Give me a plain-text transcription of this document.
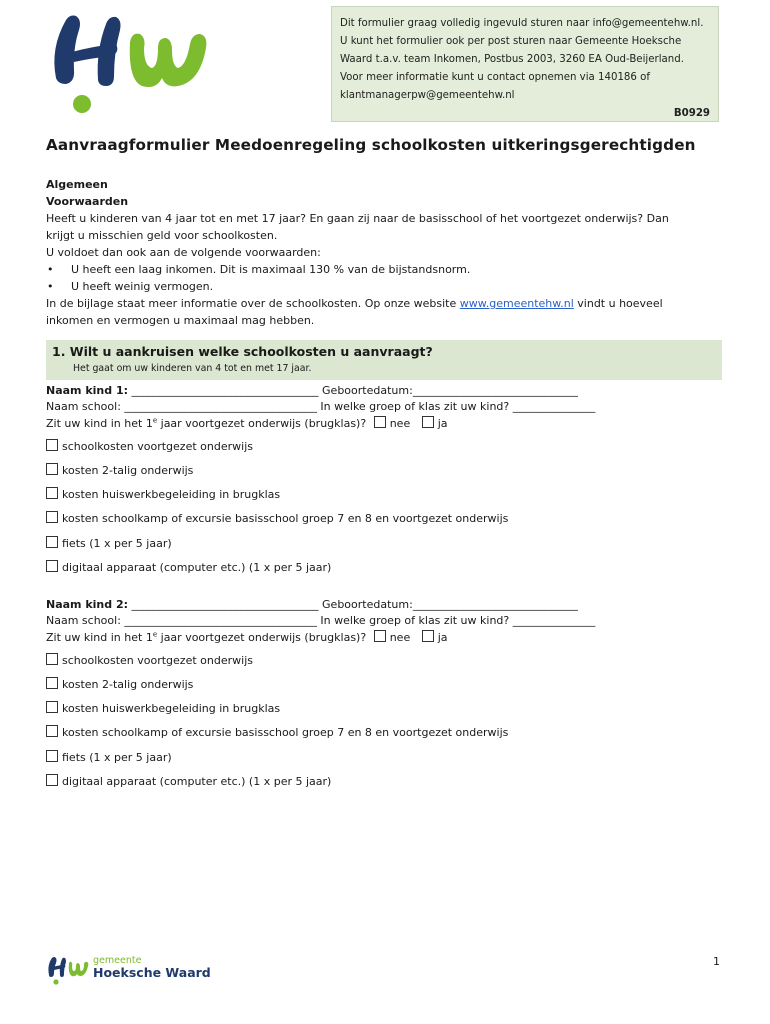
Dit formulier graag volledig ingevuld sturen naar info@gemeentehw.nl.
U kunt het formulier ook per post sturen naar Gemeente Hoeksche
Waard t.a.v. team Inkomen, Postbus 2003, 3260 EA Oud-Beijerland.
Voor meer informatie kunt u contact opnemen via 140186 of
klantmanagerpw@gemeentehw.nl
B0929
Aanvraagformulier Meedoenregeling schoolkosten uitkeringsgerechtigden
Algemeen
Voorwaarden
Heeft u kinderen van 4 jaar tot en met 17 jaar? En gaan zij naar de basisschool of het voortgezet onderwijs? Dan
krijgt u misschien geld voor schoolkosten.
U voldoet dan ook aan de volgende voorwaarden:
•	U heeft een laag inkomen. Dit is maximaal 130 % van de bijstandsnorm.
•	U heeft weinig vermogen.
In de bijlage staat meer informatie over de schoolkosten. Op onze website www.gemeentehw.nl vindt u hoeveel
inkomen en vermogen u maximaal mag hebben.
1. Wilt u aankruisen welke schoolkosten u aanvraagt?
Het gaat om uw kinderen van 4 tot en met 17 jaar.
Naam kind 1: __________________________________ Geboortedatum:______________________________
Naam school: ___________________________________ In welke groep of klas zit uw kind? _______________
Zit uw kind in het 1e jaar voortgezet onderwijs (brugklas)? nee	ja
schoolkosten voortgezet onderwijs
kosten 2-talig onderwijs
kosten huiswerkbegeleiding in brugklas
kosten schoolkamp of excursie basisschool groep 7 en 8 en voortgezet onderwijs
fiets (1 x per 5 jaar)
digitaal apparaat (computer etc.) (1 x per 5 jaar)
Naam kind 2: __________________________________ Geboortedatum:______________________________
Naam school: ___________________________________ In welke groep of klas zit uw kind? _______________
Zit uw kind in het 1e jaar voortgezet onderwijs (brugklas)? nee	ja
schoolkosten voortgezet onderwijs
kosten 2-talig onderwijs
kosten huiswerkbegeleiding in brugklas
kosten schoolkamp of excursie basisschool groep 7 en 8 en voortgezet onderwijs
fiets (1 x per 5 jaar)
digitaal apparaat (computer etc.) (1 x per 5 jaar)
gemeente
Hoeksche Waard
1
